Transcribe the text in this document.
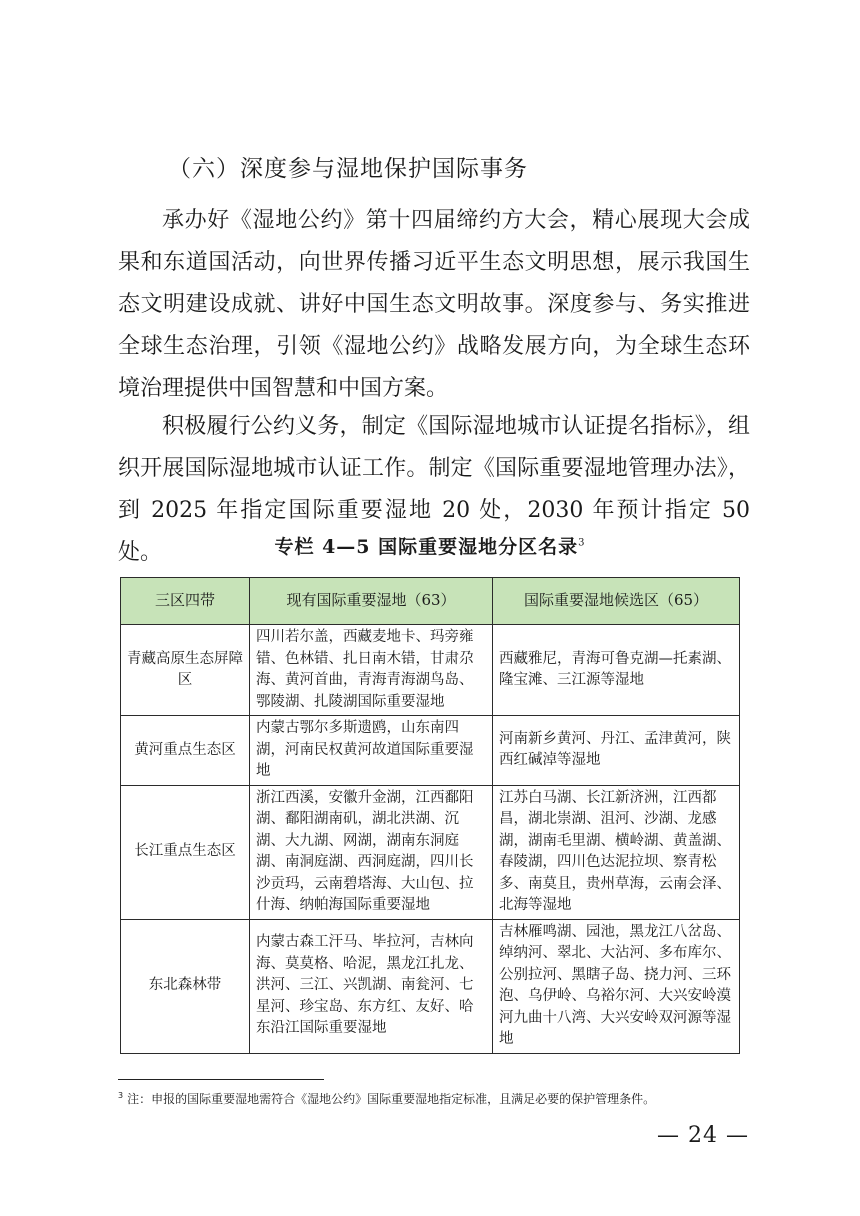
（六）深度参与湿地保护国际事务

承办好《湿地公约》第十四届缔约方大会，精心展现大会成果和东道国活动，向世界传播习近平生态文明思想，展示我国生态文明建设成就、讲好中国生态文明故事。深度参与、务实推进全球生态治理，引领《湿地公约》战略发展方向，为全球生态环境治理提供中国智慧和中国方案。

积极履行公约义务，制定《国际湿地城市认证提名指标》，组织开展国际湿地城市认证工作。制定《国际重要湿地管理办法》，到 2025 年指定国际重要湿地 20 处，2030 年预计指定 50 处。	专栏 4—5 国际重要湿地分区名录$^3$
三区四带	现有国际重要湿地（63）	国际重要湿地候选区（65）
青藏高原生态屏障区	四川若尔盖，西藏麦地卡、玛旁雍错、色林错、扎日南木错，甘肃尕海、黄河首曲，青海青海湖鸟岛、鄂陵湖、扎陵湖国际重要湿地	西藏雅尼，青海可鲁克湖—托素湖、隆宝滩、三江源等湿地
黄河重点生态区	内蒙古鄂尔多斯遗鸥，山东南四湖，河南民权黄河故道国际重要湿地	河南新乡黄河、丹江、孟津黄河，陕西红碱淖等湿地
长江重点生态区	浙江西溪，安徽升金湖，江西鄱阳湖、鄱阳湖南矶，湖北洪湖、沉湖、大九湖、网湖，湖南东洞庭湖、南洞庭湖、西洞庭湖，四川长沙贡玛，云南碧塔海、大山包、拉什海、纳帕海国际重要湿地	江苏白马湖、长江新济洲，江西都昌，湖北崇湖、沮河、沙湖、龙感湖，湖南毛里湖、横岭湖、黄盖湖、春陵湖，四川色达泥拉坝、察青松多、南莫且，贵州草海，云南会泽、北海等湿地
东北森林带	内蒙古森工汗马、毕拉河，吉林向海、莫莫格、哈泥，黑龙江扎龙、洪河、三江、兴凯湖、南瓮河、七星河、珍宝岛、东方红、友好、哈东沿江国际重要湿地	吉林雁鸣湖、园池，黑龙江八岔岛、绰纳河、翠北、大沾河、多布库尔、公别拉河、黑瞎子岛、挠力河、三环泡、乌伊岭、乌裕尔河、大兴安岭漠河九曲十八湾、大兴安岭双河源等湿地
$^3$ 注：申报的国际重要湿地需符合《湿地公约》国际重要湿地指定标准，且满足必要的保护管理条件。
— 24 —
